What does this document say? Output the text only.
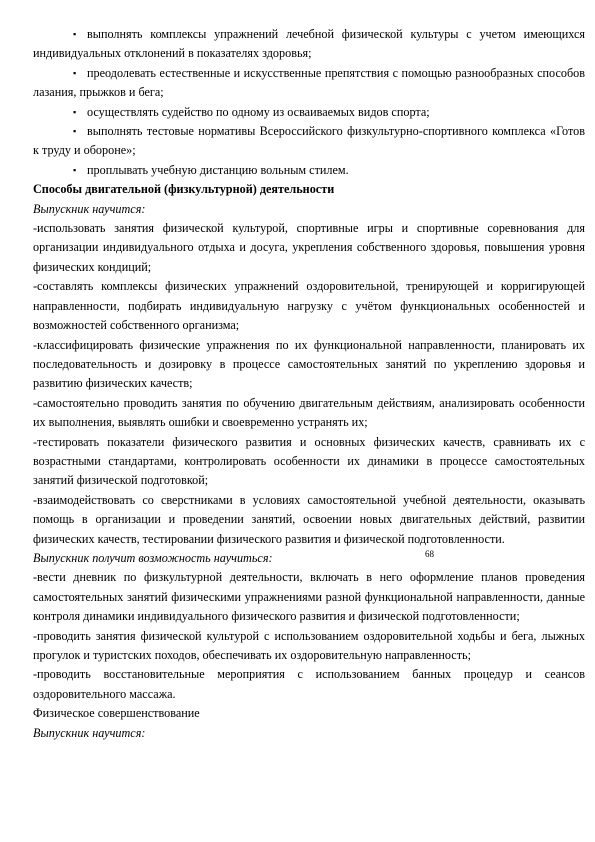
▪ выполнять комплексы упражнений лечебной физической культуры с учетом имеющихся индивидуальных отклонений в показателях здоровья;

▪ преодолевать естественные и искусственные препятствия с помощью разнообразных способов лазания, прыжков и бега;

▪ осуществлять судейство по одному из осваиваемых видов спорта;

▪ выполнять тестовые нормативы Всероссийского физкультурно-спортивного комплекса «Готов к труду и обороне»;

▪ проплывать учебную дистанцию вольным стилем.

Способы двигательной (физкультурной) деятельности

Выпускник научится:

-использовать занятия физической культурой, спортивные игры и спортивные соревнования для организации индивидуального отдыха и досуга, укрепления собственного здоровья, повышения уровня физических кондиций;

-составлять комплексы физических упражнений оздоровительной, тренирующей и корригирующей направленности, подбирать индивидуальную нагрузку с учётом функциональных особенностей и возможностей собственного организма;

-классифицировать физические упражнения по их функциональной направленности, планировать их последовательность и дозировку в процессе самостоятельных занятий по укреплению здоровья и развитию физических качеств;

-самостоятельно проводить занятия по обучению двигательным действиям, анализировать особенности их выполнения, выявлять ошибки и своевременно устранять их;

-тестировать показатели физического развития и основных физических качеств, сравнивать их с возрастными стандартами, контролировать особенности их динамики в процессе самостоятельных занятий физической подготовкой;

-взаимодействовать со сверстниками в условиях самостоятельной учебной деятельности, оказывать помощь в организации и проведении занятий, освоении новых двигательных действий, развитии физических качеств, тестировании физического развития и физической подготовленности.

Выпускник получит возможность научиться:

-вести дневник по физкультурной деятельности, включать в него оформление планов проведения самостоятельных занятий физическими упражнениями разной функциональной направленности, данные контроля динамики индивидуального физического развития и физической подготовленности;

-проводить занятия физической культурой с использованием оздоровительной ходьбы и бега, лыжных прогулок и туристских походов, обеспечивать их оздоровительную направленность;

-проводить восстановительные мероприятия с использованием банных процедур и сеансов оздоровительного массажа.

Физическое совершенствование

Выпускник научится:

68
